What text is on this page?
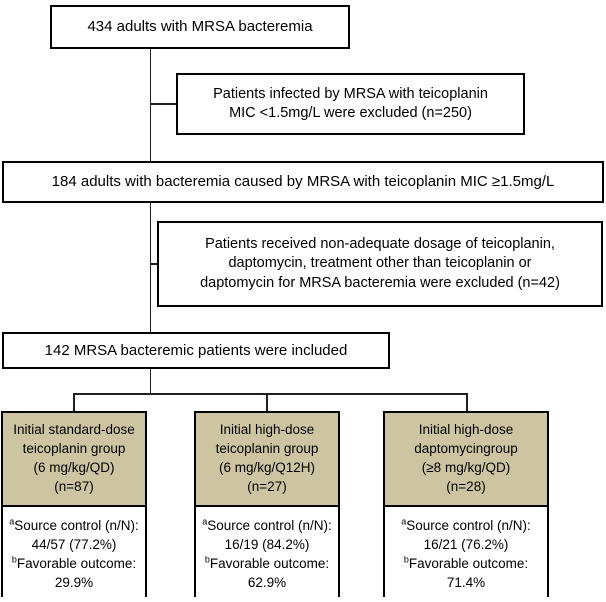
434 adults with MRSA bacteremia
Patients infected by MRSA with teicoplanin
MIC <1.5mg/L were excluded (n=250)
184 adults with bacteremia caused by MRSA with teicoplanin MIC ≥1.5mg/L
Patients received non-adequate dosage of teicoplanin,
daptomycin, treatment other than teicoplanin or
daptomycin for MRSA bacteremia were excluded (n=42)
142 MRSA bacteremic patients were included
Initial standard-dose
teicoplanin group
(6 mg/kg/QD)
(n=87)
$^a$Source control (n/N):
44/57 (77.2%)
$^b$Favorable outcome:
29.9%
Initial high-dose
teicoplanin group
(6 mg/kg/Q12H)
(n=27)
$^a$Source control (n/N):
16/19 (84.2%)
$^b$Favorable outcome:
62.9%
Initial high-dose
daptomycingroup
(≥8 mg/kg/QD)
(n=28)
$^a$Source control (n/N):
16/21 (76.2%)
$^b$Favorable outcome:
71.4%
